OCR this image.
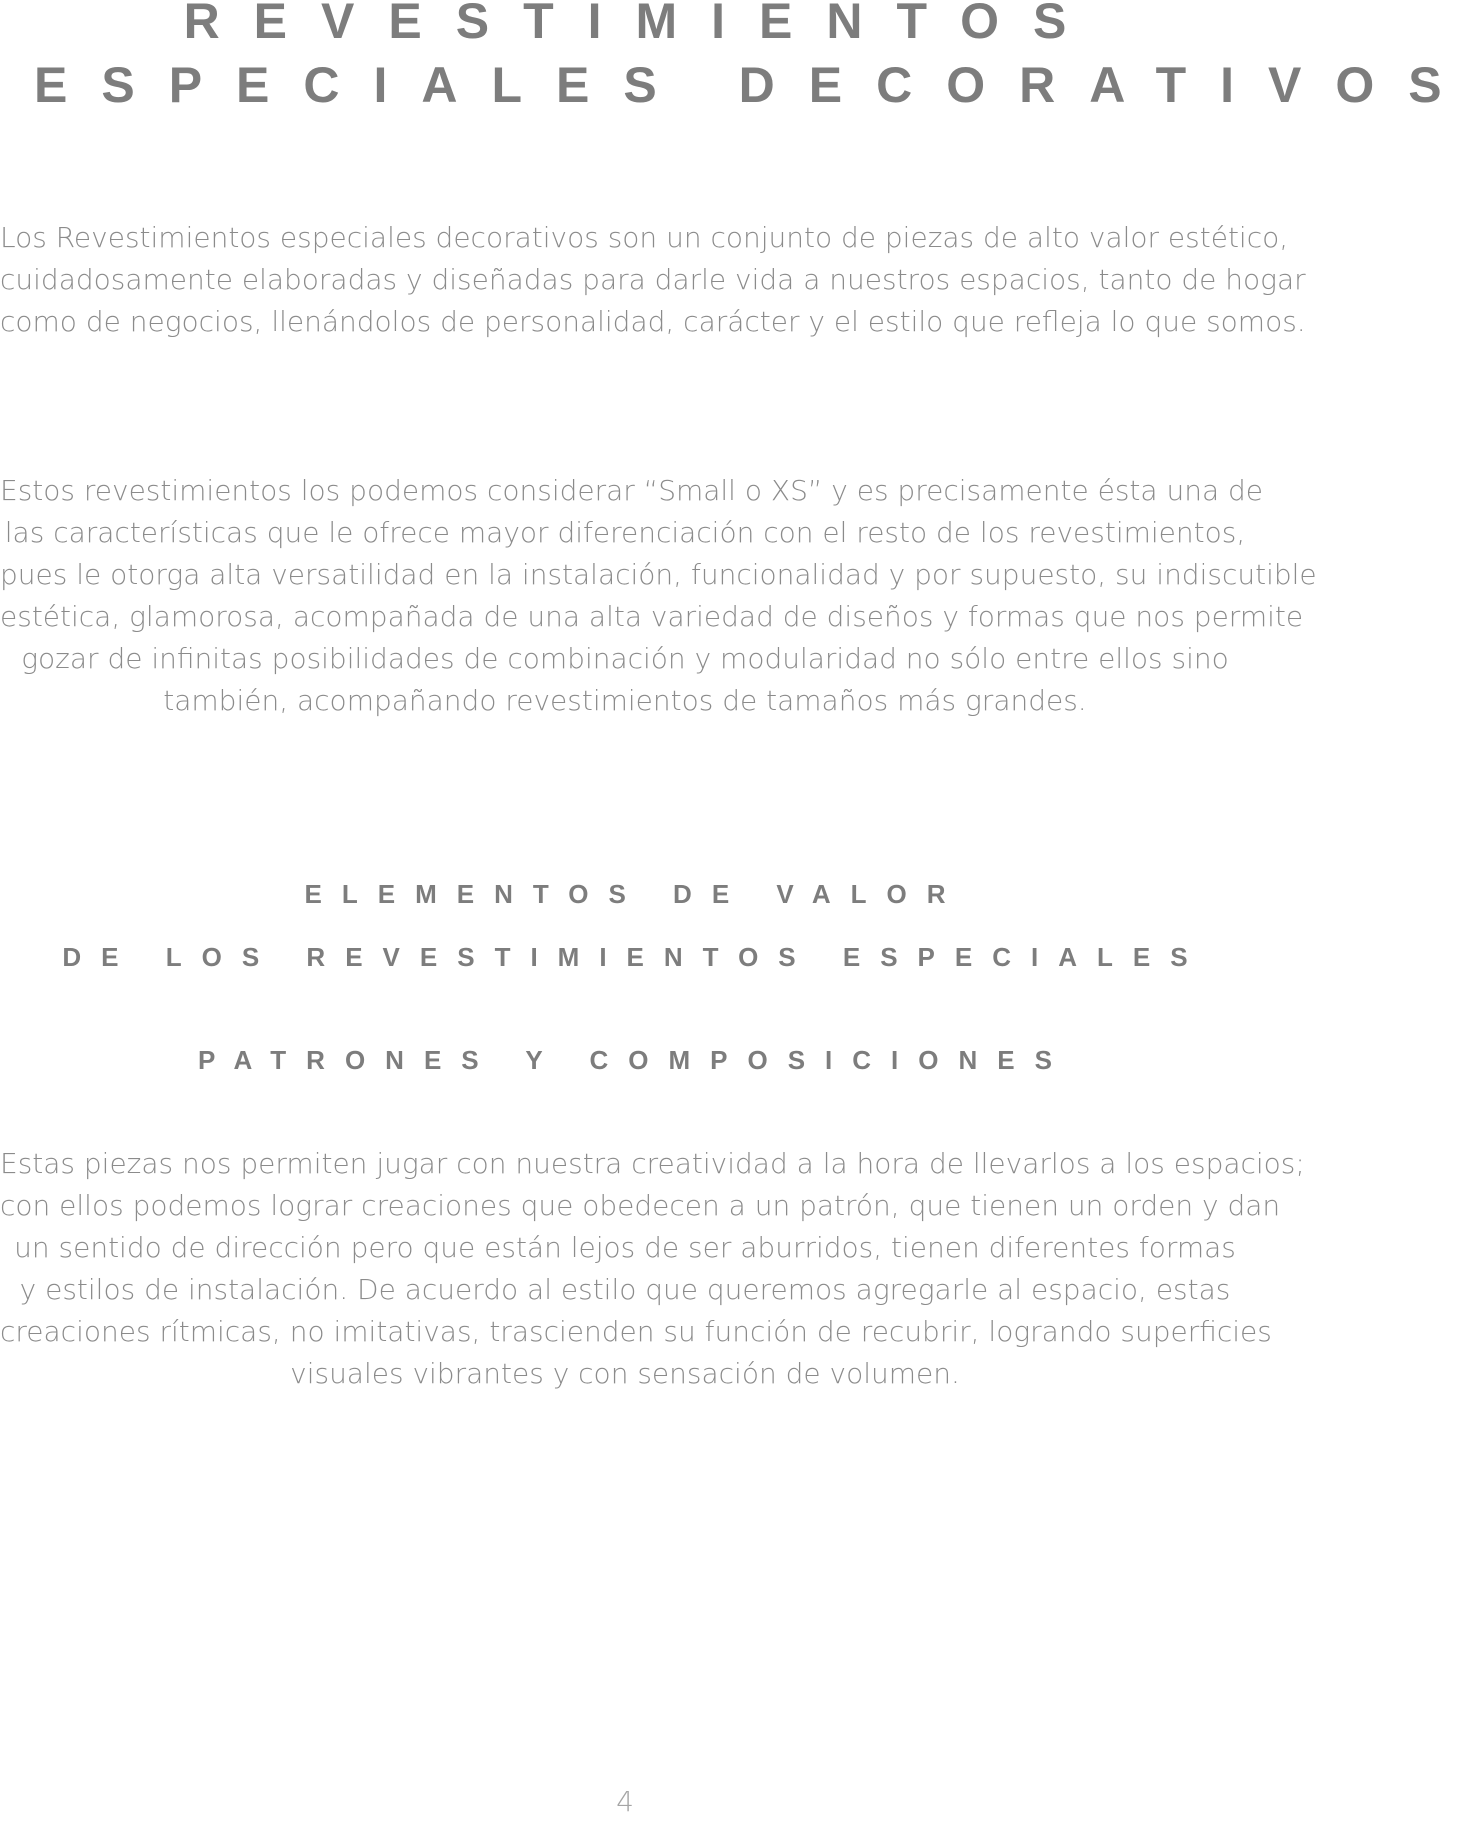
REVESTIMIENTOS
ESPECIALES DECORATIVOS
Los Revestimientos especiales decorativos son un conjunto de piezas de alto valor estético,
cuidadosamente elaboradas y diseñadas para darle vida a nuestros espacios, tanto de hogar
como de negocios, llenándolos de personalidad, carácter y el estilo que refleja lo que somos.
Estos revestimientos los podemos considerar “Small o XS” y es precisamente ésta una de
las características que le ofrece mayor diferenciación con el resto de los revestimientos,
pues le otorga alta versatilidad en la instalación, funcionalidad y por supuesto, su indiscutible
estética, glamorosa, acompañada de una alta variedad de diseños y formas que nos permite
gozar de infinitas posibilidades de combinación y modularidad no sólo entre ellos sino
también, acompañando revestimientos de tamaños más grandes.
ELEMENTOS DE VALOR
DE LOS REVESTIMIENTOS ESPECIALES
PATRONES Y COMPOSICIONES
Estas piezas nos permiten jugar con nuestra creatividad a la hora de llevarlos a los espacios;
con ellos podemos lograr creaciones que obedecen a un patrón, que tienen un orden y dan
un sentido de dirección pero que están lejos de ser aburridos, tienen diferentes formas
y estilos de instalación. De acuerdo al estilo que queremos agregarle al espacio, estas
creaciones rítmicas, no imitativas, trascienden su función de recubrir, logrando superficies
visuales vibrantes y con sensación de volumen.
4
